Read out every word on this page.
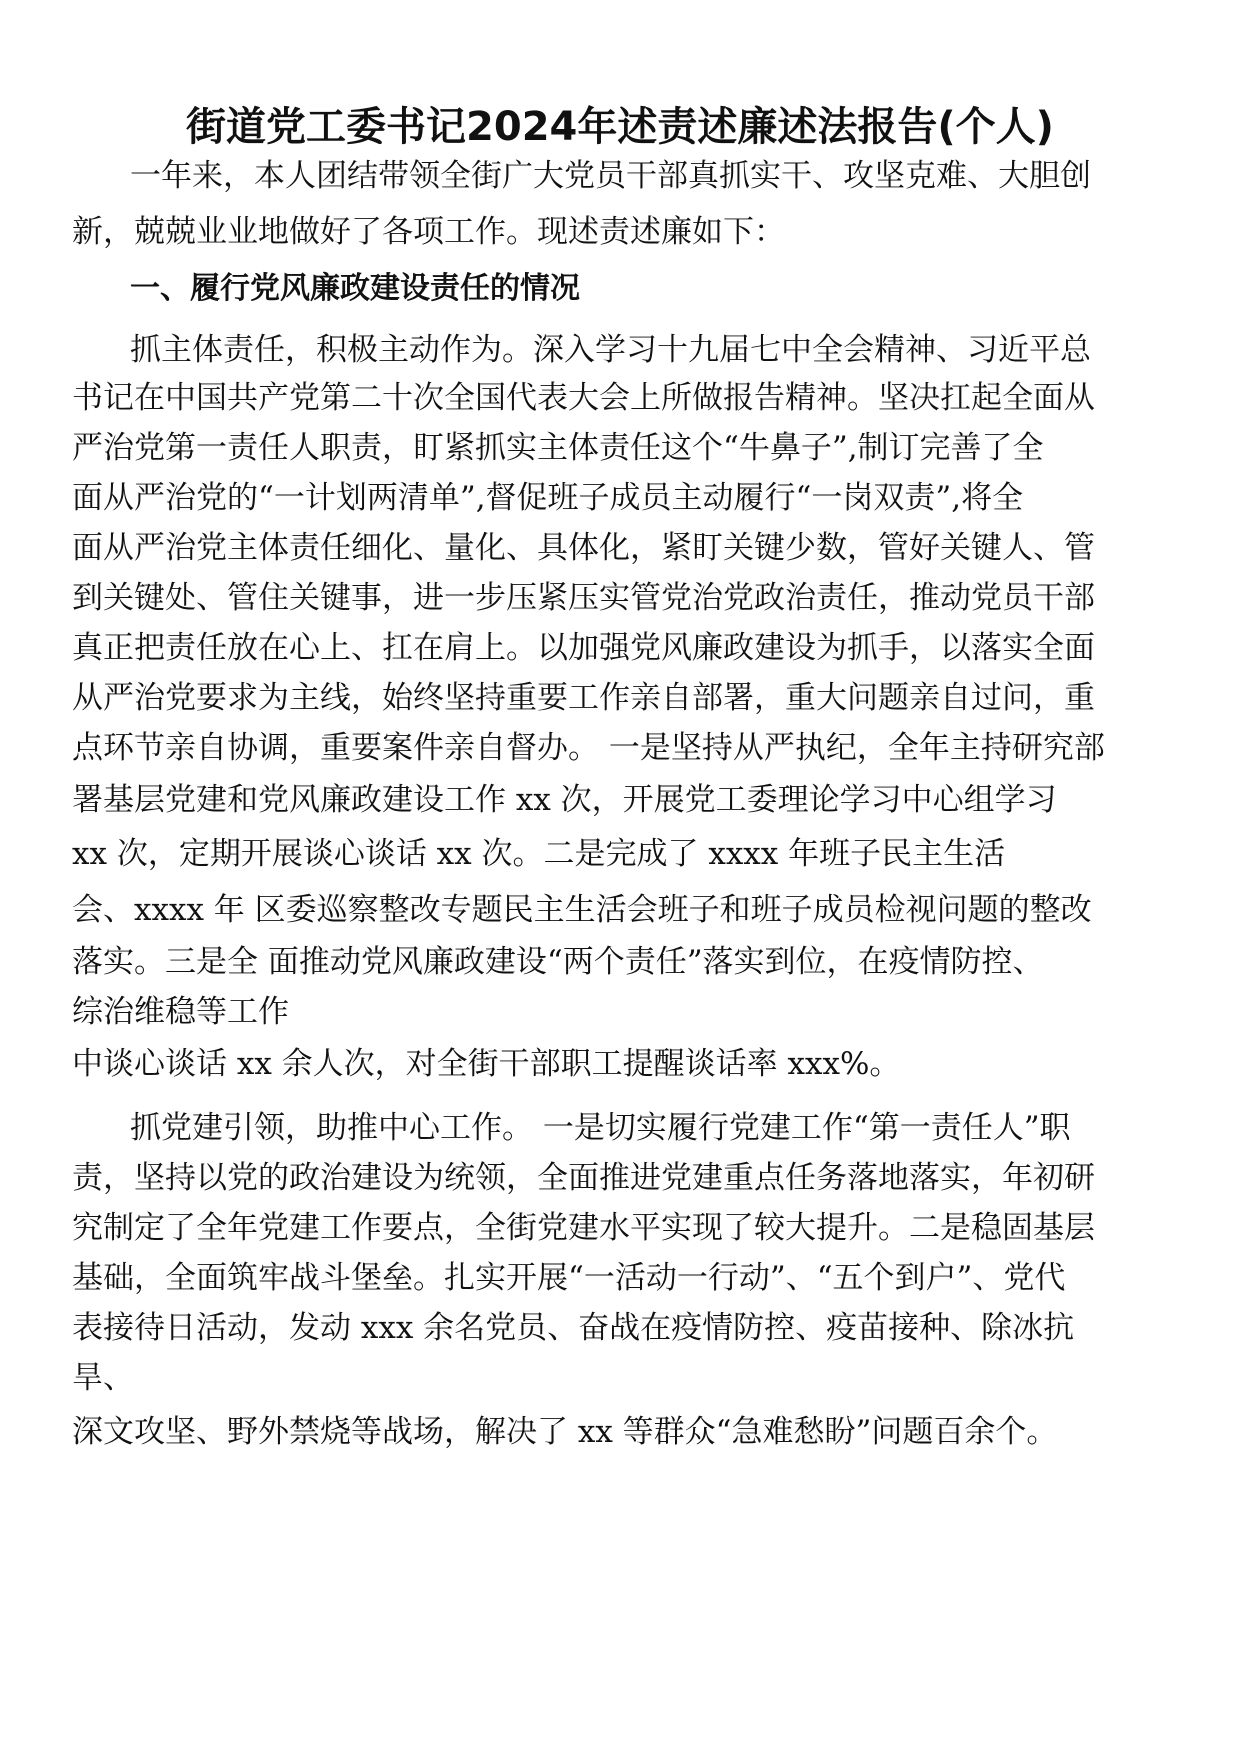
街道党工委书记2024年述责述廉述法报告(个人)

一年来，本人团结带领全街广大党员干部真抓实干、攻坚克难、大胆创

新，兢兢业业地做好了各项工作。现述责述廉如下：

一、履行党风廉政建设责任的情况

抓主体责任，积极主动作为。深入学习十九届七中全会精神、习近平总

书记在中国共产党第二十次全国代表大会上所做报告精神。坚决扛起全面从

严治党第一责任人职责，盯紧抓实主体责任这个“牛鼻子”,制订完善了全

面从严治党的“一计划两清单”,督促班子成员主动履行“一岗双责”,将全

面从严治党主体责任细化、量化、具体化，紧盯关键少数，管好关键人、管

到关键处、管住关键事，进一步压紧压实管党治党政治责任，推动党员干部

真正把责任放在心上、扛在肩上。以加强党风廉政建设为抓手，以落实全面

从严治党要求为主线，始终坚持重要工作亲自部署，重大问题亲自过问，重

点环节亲自协调，重要案件亲自督办。 一是坚持从严执纪，全年主持研究部

署基层党建和党风廉政建设工作 xx 次，开展党工委理论学习中心组学习

xx 次，定期开展谈心谈话 xx 次。二是完成了 xxxx 年班子民主生活

会、xxxx 年 区委巡察整改专题民主生活会班子和班子成员检视问题的整改

落实。三是全 面推动党风廉政建设“两个责任”落实到位，在疫情防控、

综治维稳等工作

中谈心谈话 xx 余人次，对全街干部职工提醒谈话率 xxx%。

抓党建引领，助推中心工作。 一是切实履行党建工作“第一责任人”职

责，坚持以党的政治建设为统领，全面推进党建重点任务落地落实，年初研

究制定了全年党建工作要点，全街党建水平实现了较大提升。二是稳固基层

基础，全面筑牢战斗堡垒。扎实开展“一活动一行动”、“五个到户”、党代

表接待日活动，发动 xxx 余名党员、奋战在疫情防控、疫苗接种、除冰抗

旱、

深文攻坚、野外禁烧等战场，解决了 xx 等群众“急难愁盼”问题百余个。
